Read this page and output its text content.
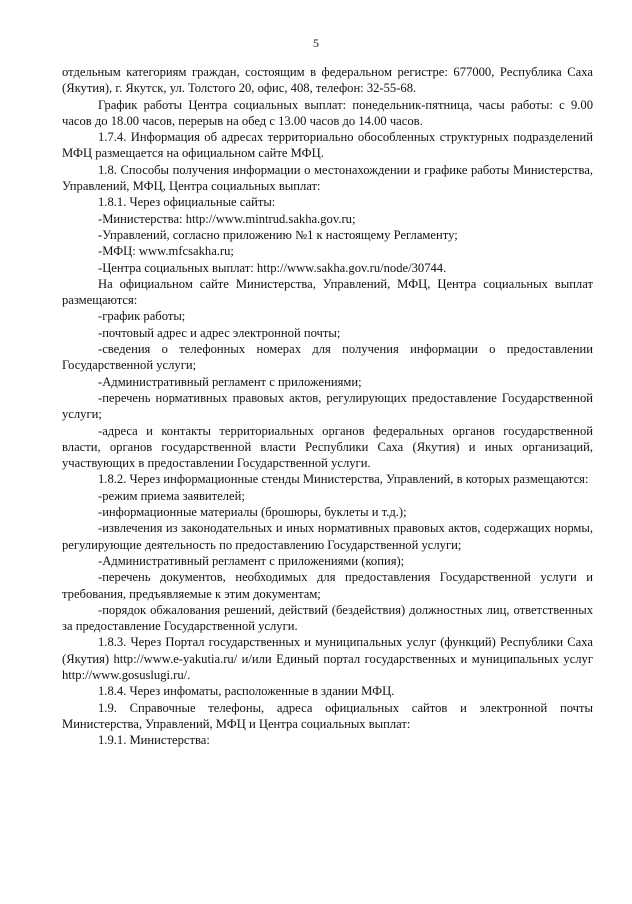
5

отдельным категориям граждан, состоящим в федеральном регистре: 677000, Республика Саха (Якутия), г. Якутск, ул. Толстого 20, офис, 408, телефон: 32-55-68.

График работы Центра социальных выплат: понедельник-пятница, часы работы: с 9.00 часов до 18.00 часов, перерыв на обед с 13.00 часов до 14.00 часов.

1.7.4. Информация об адресах территориально обособленных структурных подразделений МФЦ размещается на официальном сайте МФЦ.

1.8. Способы получения информации о местонахождении и графике работы Министерства, Управлений, МФЦ, Центра социальных выплат:

1.8.1. Через официальные сайты:

-Министерства: http://www.mintrud.sakha.gov.ru;

-Управлений, согласно приложению №1 к настоящему Регламенту;

-МФЦ: www.mfcsakha.ru;

-Центра социальных выплат: http://www.sakha.gov.ru/node/30744.

На официальном сайте Министерства, Управлений, МФЦ, Центра социальных выплат размещаются:

-график работы;

-почтовый адрес и адрес электронной почты;

-сведения о телефонных номерах для получения информации о предоставлении Государственной услуги;

-Административный регламент с приложениями;

-перечень нормативных правовых актов, регулирующих предоставление Государственной услуги;

-адреса и контакты территориальных органов федеральных органов государственной власти, органов государственной власти Республики Саха (Якутия) и иных организаций, участвующих в предоставлении Государственной услуги.

1.8.2. Через информационные стенды Министерства, Управлений, в которых размещаются:

-режим приема заявителей;

-информационные материалы (брошюры, буклеты и т.д.);

-извлечения из законодательных и иных нормативных правовых актов, содержащих нормы, регулирующие деятельность по предоставлению Государственной услуги;

-Административный регламент с приложениями (копия);

-перечень документов, необходимых для предоставления Государственной услуги и требования, предъявляемые к этим документам;

-порядок обжалования решений, действий (бездействия) должностных лиц, ответственных за предоставление Государственной услуги.

1.8.3. Через Портал государственных и муниципальных услуг (функций) Республики Саха (Якутия) http://www.e-yakutia.ru/ и/или Единый портал государственных и муниципальных услуг http://www.gosuslugi.ru/.

1.8.4. Через инфоматы, расположенные в здании МФЦ.

1.9. Справочные телефоны, адреса официальных сайтов и электронной почты Министерства, Управлений, МФЦ и Центра социальных выплат:

1.9.1. Министерства:
